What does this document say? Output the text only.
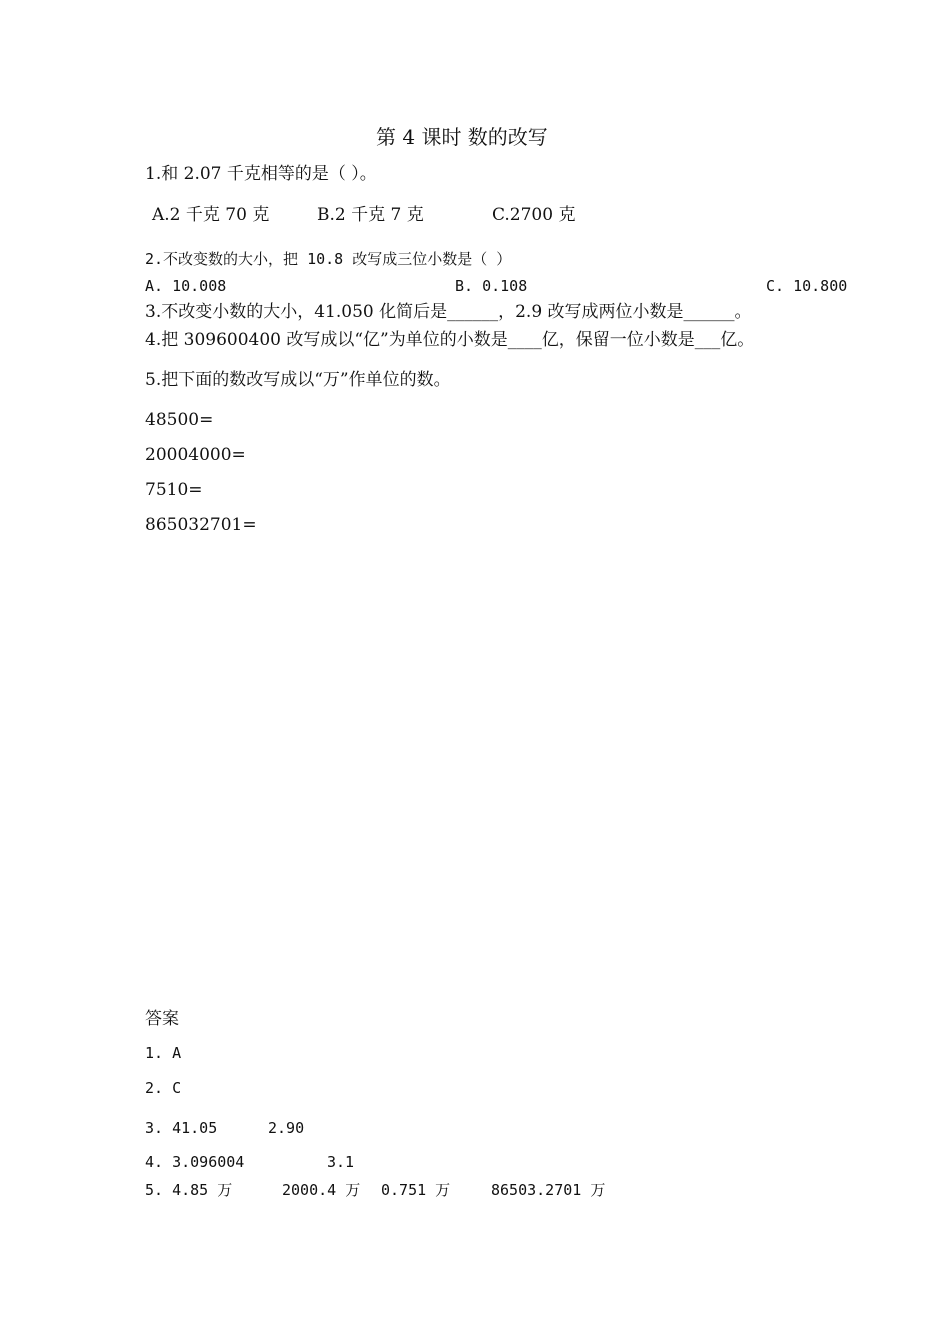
第 4 课时 数的改写
1.和 2.07 千克相等的是（ ）。
A.2 千克 70 克	B.2 千克 7 克	C.2700 克
2.不改变数的大小，把 10.8 改写成三位小数是（ ）
A. 10.008	B. 0.108	C. 10.800
3.不改变小数的大小，41.050 化简后是______，2.9 改写成两位小数是______。
4.把 309600400 改写成以“亿”为单位的小数是____亿，保留一位小数是___亿。
5.把下面的数改写成以“万”作单位的数。
48500=
20004000=
7510=
865032701=
答案
1. A
2. C
3. 41.05	2.90
4. 3.096004	3.1
5. 4.85 万	2000.4 万 0.751 万	86503.2701 万
